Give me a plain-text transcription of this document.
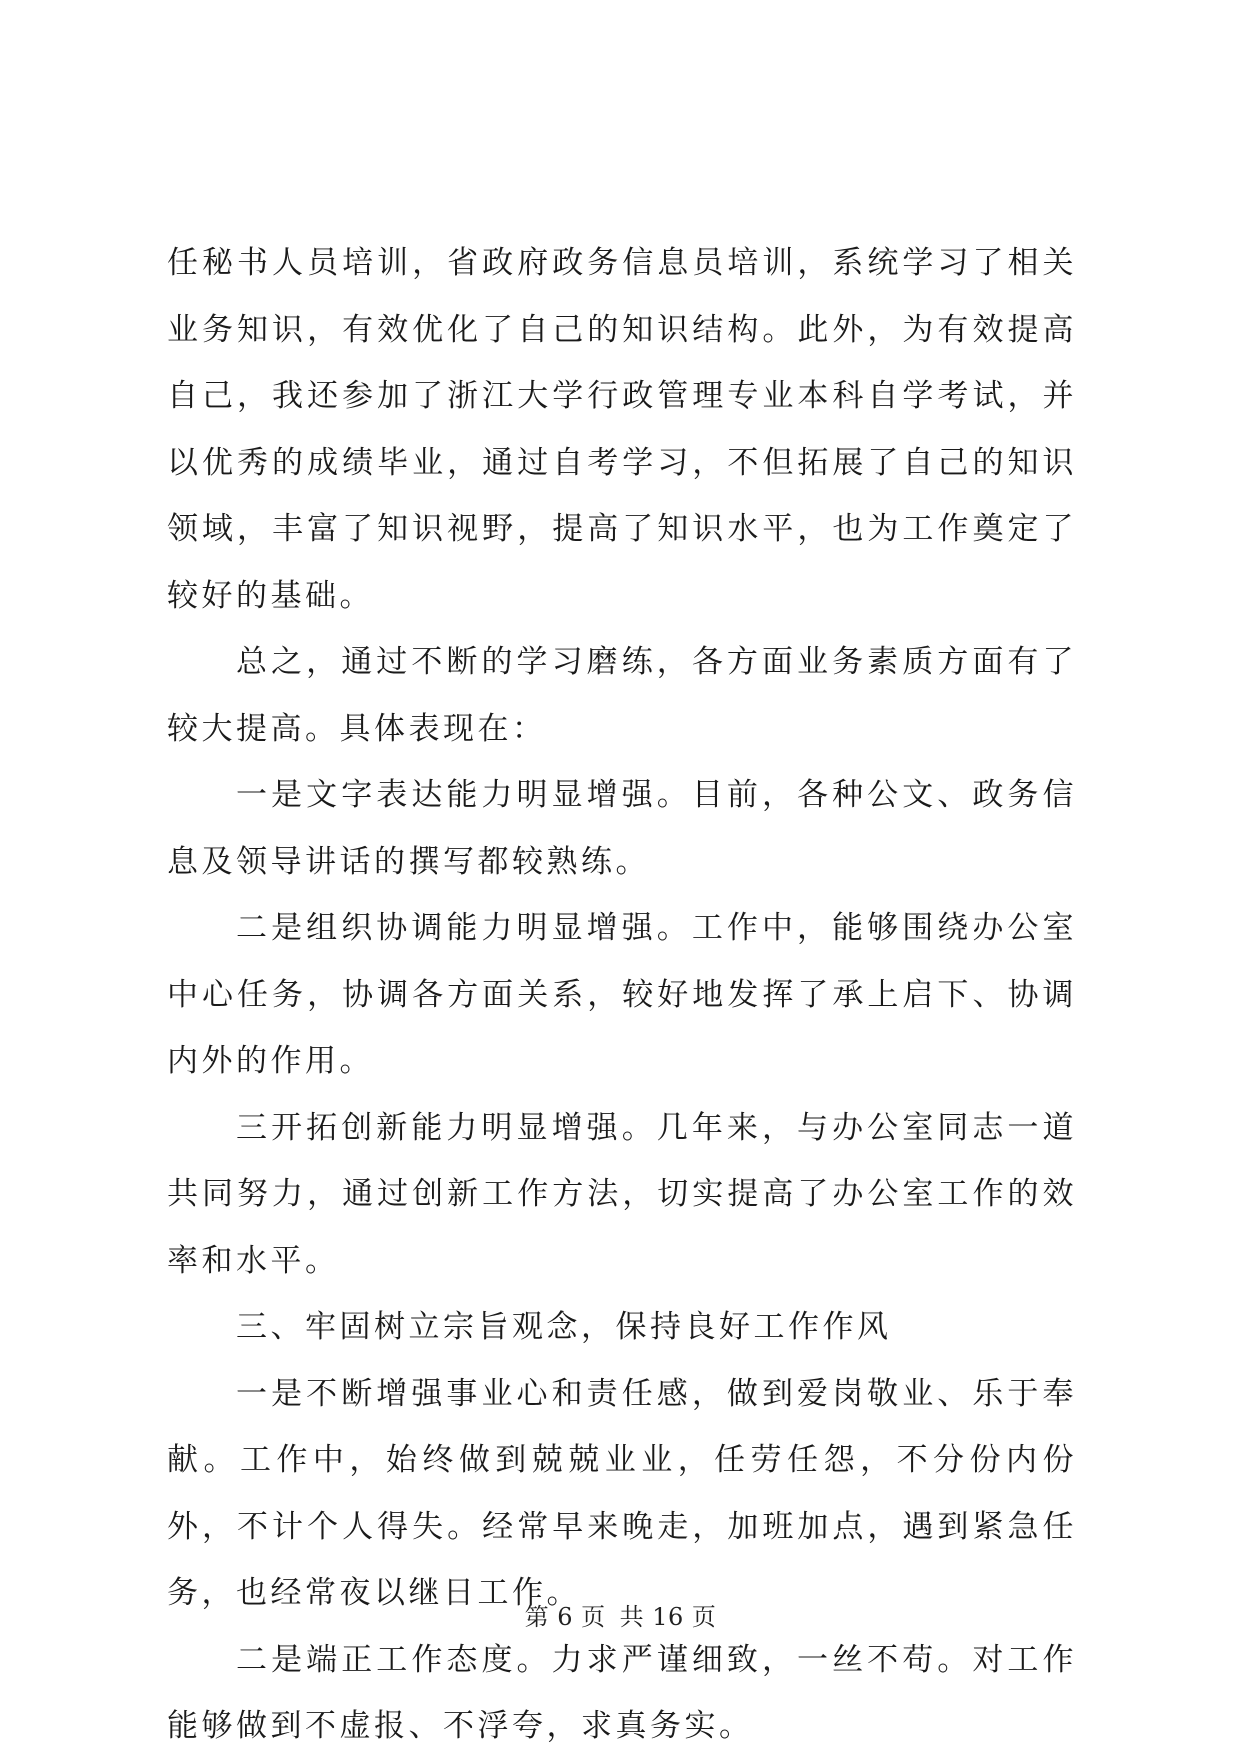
任秘书人员培训，省政府政务信息员培训，系统学习了相关业务知识，有效优化了自己的知识结构。此外，为有效提高自己，我还参加了浙江大学行政管理专业本科自学考试，并以优秀的成绩毕业，通过自考学习，不但拓展了自己的知识领域，丰富了知识视野，提高了知识水平，也为工作奠定了较好的基础。

总之，通过不断的学习磨练，各方面业务素质方面有了较大提高。具体表现在：

一是文字表达能力明显增强。目前，各种公文、政务信息及领导讲话的撰写都较熟练。

二是组织协调能力明显增强。工作中，能够围绕办公室中心任务，协调各方面关系，较好地发挥了承上启下、协调内外的作用。

三开拓创新能力明显增强。几年来，与办公室同志一道共同努力，通过创新工作方法，切实提高了办公室工作的效率和水平。

三、牢固树立宗旨观念，保持良好工作作风

一是不断增强事业心和责任感，做到爱岗敬业、乐于奉献。工作中，始终做到兢兢业业，任劳任怨，不分份内份外，不计个人得失。经常早来晚走，加班加点，遇到紧急任务，也经常夜以继日工作。

二是端正工作态度。力求严谨细致，一丝不苟。对工作能够做到不虚报、不浮夸，求真务实。

第 6 页 共 16 页
